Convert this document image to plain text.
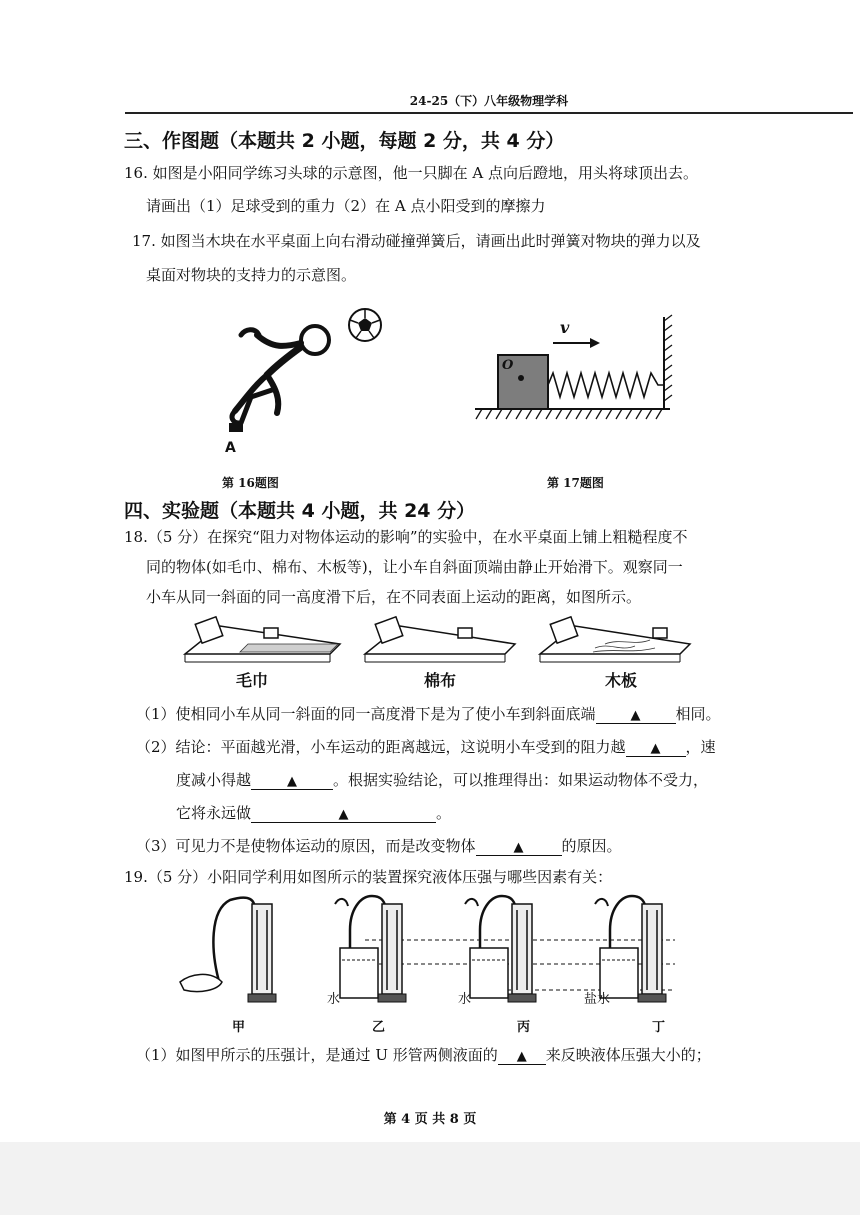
24-25（下）八年级物理学科
三、作图题（本题共 2 小题，每题 2 分，共 4 分）
16. 如图是小阳同学练习头球的示意图，他一只脚在 A 点向后蹬地，用头将球顶出去。
请画出（1）足球受到的重力（2）在 A 点小阳受到的摩擦力
17. 如图当木块在水平桌面上向右滑动碰撞弹簧后，请画出此时弹簧对物块的弹力以及
桌面对物块的支持力的示意图。
A
第 16题图
v
O
第 17题图
四、实验题（本题共 4 小题，共 24 分）
18.（5 分）在探究“阻力对物体运动的影响”的实验中，在水平桌面上铺上粗糙程度不
同的物体(如毛巾、棉布、木板等)，让小车自斜面顶端由静止开始滑下。观察同一
小车从同一斜面的同一高度滑下后，在不同表面上运动的距离，如图所示。
毛巾	棉布	木板
（1）使相同小车从同一斜面的同一高度滑下是为了使小车到斜面底端	▲ 相同。
（2）结论：平面越光滑，小车运动的距离越远，这说明小车受到的阻力越 ▲ ，速
度减小得越	▲ 。根据实验结论，可以推理得出：如果运动物体不受力，
它将永远做	▲	。
（3）可见力不是使物体运动的原因，而是改变物体	▲	的原因。
19.（5 分）小阳同学利用如图所示的装置探究液体压强与哪些因素有关：
水	水	盐水
甲	乙	丙	丁
（1）如图甲所示的压强计，是通过 U 形管两侧液面的 ▲ 来反映液体压强大小的；
第 4 页 共 8 页
